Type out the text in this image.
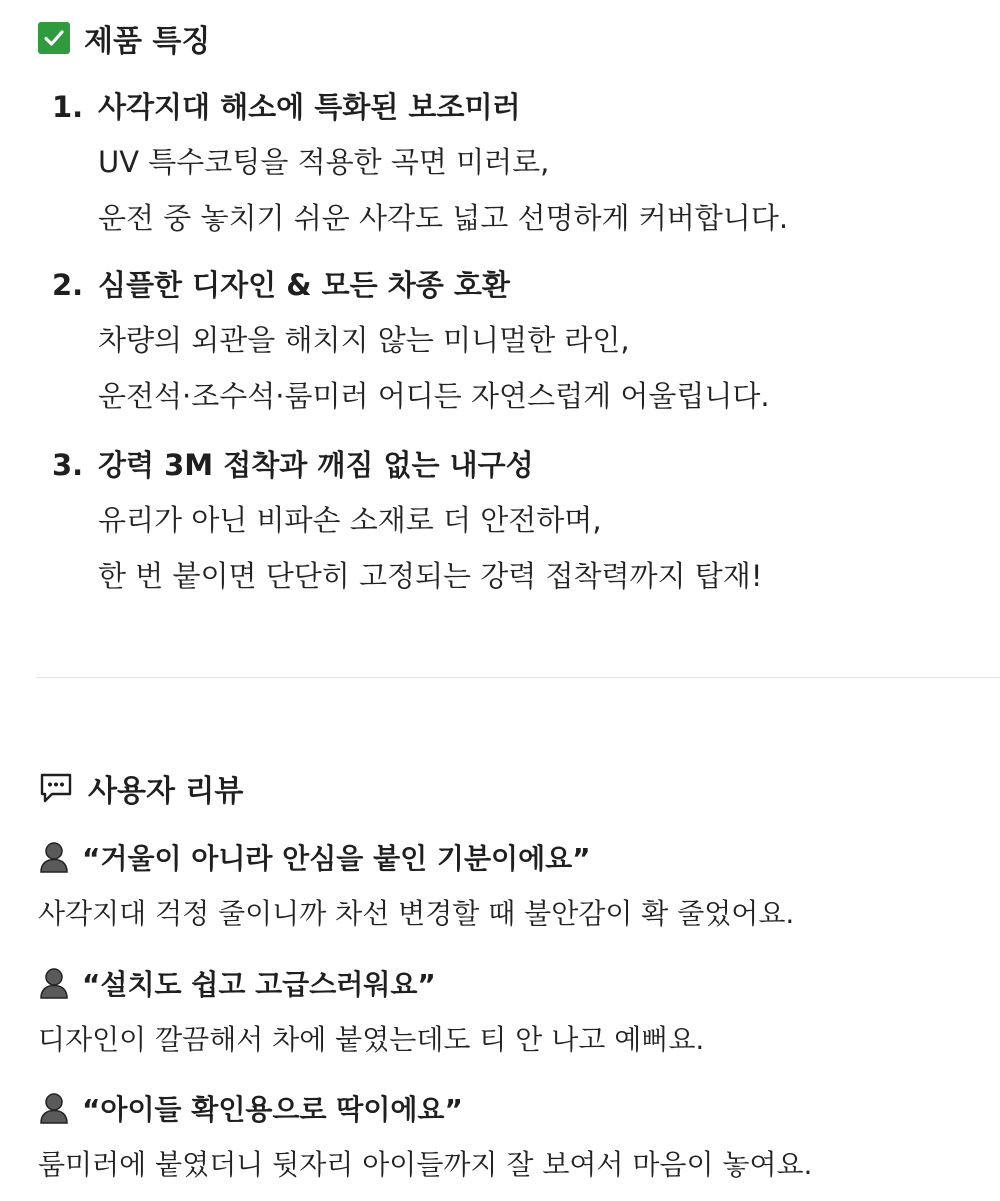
제품 특징
1. 사각지대 해소에 특화된 보조미러
UV 특수코팅을 적용한 곡면 미러로,
운전 중 놓치기 쉬운 사각도 넓고 선명하게 커버합니다.
2. 심플한 디자인 & 모든 차종 호환
차량의 외관을 해치지 않는 미니멀한 라인,
운전석·조수석·룸미러 어디든 자연스럽게 어울립니다.
3. 강력 3M 접착과 깨짐 없는 내구성
유리가 아닌 비파손 소재로 더 안전하며,
한 번 붙이면 단단히 고정되는 강력 접착력까지 탑재!
사용자 리뷰
“거울이 아니라 안심을 붙인 기분이에요”
사각지대 걱정 줄이니까 차선 변경할 때 불안감이 확 줄었어요.
“설치도 쉽고 고급스러워요”
디자인이 깔끔해서 차에 붙였는데도 티 안 나고 예뻐요.
“아이들 확인용으로 딱이에요”
룸미러에 붙였더니 뒷자리 아이들까지 잘 보여서 마음이 놓여요.
